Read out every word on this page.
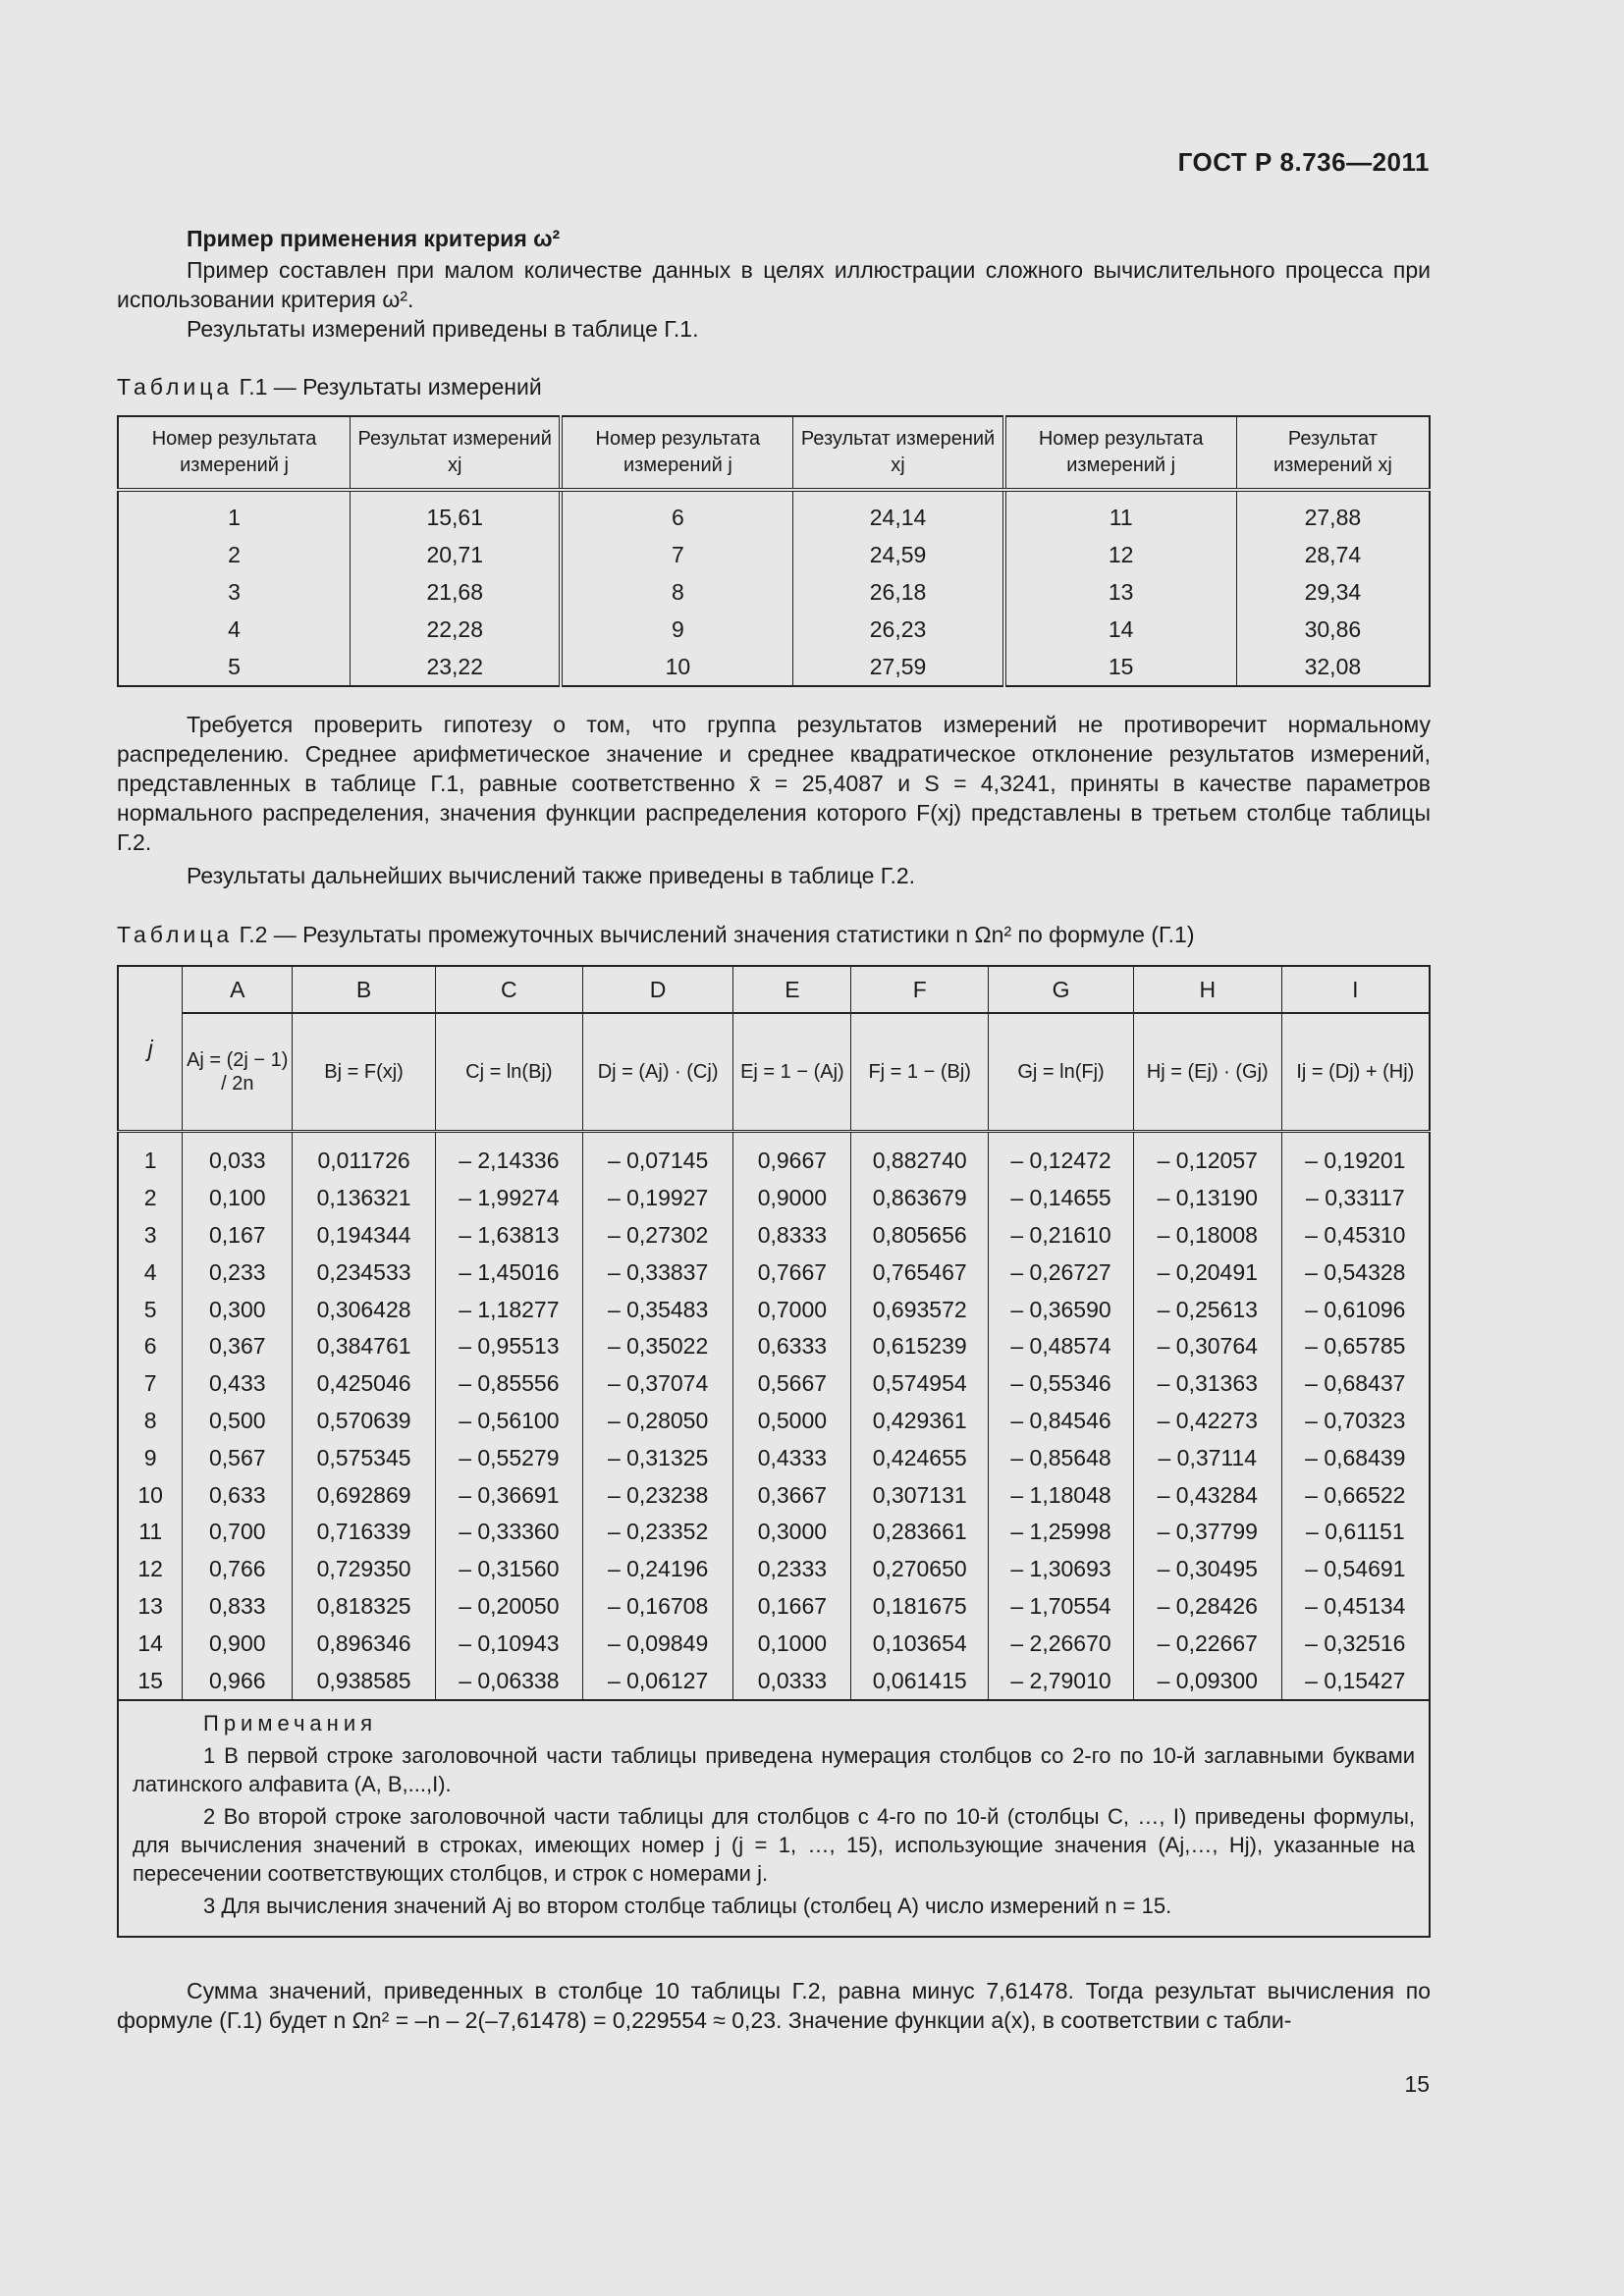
ГОСТ Р 8.736—2011
Пример применения критерия ω²
Пример составлен при малом количестве данных в целях иллюстрации сложного вычислительного процесса при использовании критерия ω².
Результаты измерений приведены в таблице Г.1.
Таблица Г.1 — Результаты измерений
Номер результата измерений j	Результат измерений xj	Номер результата измерений j	Результат измерений xj	Номер результата измерений j	Результат измерений xj
1	15,61	6	24,14	11	27,88
2	20,71	7	24,59	12	28,74
3	21,68	8	26,18	13	29,34
4	22,28	9	26,23	14	30,86
5	23,22	10	27,59	15	32,08
Требуется проверить гипотезу о том, что группа результатов измерений не противоречит нормальному распределению. Среднее арифметическое значение и среднее квадратическое отклонение результатов измерений, представленных в таблице Г.1, равные соответственно x̄ = 25,4087 и S = 4,3241, приняты в качестве параметров нормального распределения, значения функции распределения которого F(xj) представлены в третьем столбце таблицы Г.2.
Результаты дальнейших вычислений также приведены в таблице Г.2.
Таблица Г.2 — Результаты промежуточных вычислений значения статистики n Ωn² по формуле (Г.1)
j	A	B	C	D	E	F	G	H	I
	Aj = (2j − 1) / 2n	Bj = F(xj)	Cj = ln(Bj)	Dj = (Aj) · (Cj)	Ej = 1 − (Aj)	Fj = 1 − (Bj)	Gj = ln(Fj)	Hj = (Ej) · (Gj)	Ij = (Dj) + (Hj)
1	0,033	0,011726	– 2,14336	– 0,07145	0,9667	0,882740	– 0,12472	– 0,12057	– 0,19201
2	0,100	0,136321	– 1,99274	– 0,19927	0,9000	0,863679	– 0,14655	– 0,13190	– 0,33117
3	0,167	0,194344	– 1,63813	– 0,27302	0,8333	0,805656	– 0,21610	– 0,18008	– 0,45310
4	0,233	0,234533	– 1,45016	– 0,33837	0,7667	0,765467	– 0,26727	– 0,20491	– 0,54328
5	0,300	0,306428	– 1,18277	– 0,35483	0,7000	0,693572	– 0,36590	– 0,25613	– 0,61096
6	0,367	0,384761	– 0,95513	– 0,35022	0,6333	0,615239	– 0,48574	– 0,30764	– 0,65785
7	0,433	0,425046	– 0,85556	– 0,37074	0,5667	0,574954	– 0,55346	– 0,31363	– 0,68437
8	0,500	0,570639	– 0,56100	– 0,28050	0,5000	0,429361	– 0,84546	– 0,42273	– 0,70323
9	0,567	0,575345	– 0,55279	– 0,31325	0,4333	0,424655	– 0,85648	– 0,37114	– 0,68439
10	0,633	0,692869	– 0,36691	– 0,23238	0,3667	0,307131	– 1,18048	– 0,43284	– 0,66522
11	0,700	0,716339	– 0,33360	– 0,23352	0,3000	0,283661	– 1,25998	– 0,37799	– 0,61151
12	0,766	0,729350	– 0,31560	– 0,24196	0,2333	0,270650	– 1,30693	– 0,30495	– 0,54691
13	0,833	0,818325	– 0,20050	– 0,16708	0,1667	0,181675	– 1,70554	– 0,28426	– 0,45134
14	0,900	0,896346	– 0,10943	– 0,09849	0,1000	0,103654	– 2,26670	– 0,22667	– 0,32516
15	0,966	0,938585	– 0,06338	– 0,06127	0,0333	0,061415	– 2,79010	– 0,09300	– 0,15427

Примечания
1 В первой строке заголовочной части таблицы приведена нумерация столбцов со 2-го по 10-й заглавными буквами латинского алфавита (A, B,...,I).
2 Во второй строке заголовочной части таблицы для столбцов с 4-го по 10-й (столбцы C, …, I) приведены формулы, для вычисления значений в строках, имеющих номер j (j = 1, …, 15), использующие значения (Aj,…, Hj), указанные на пересечении соответствующих столбцов, и строк с номерами j.
3 Для вычисления значений Aj во втором столбце таблицы (столбец A) число измерений n = 15.									
Сумма значений, приведенных в столбце 10 таблицы Г.2, равна минус 7,61478. Тогда результат вычисления по формуле (Г.1) будет n Ωn² = –n – 2(–7,61478) = 0,229554 ≈ 0,23. Значение функции a(x), в соответствии с табли-
15
